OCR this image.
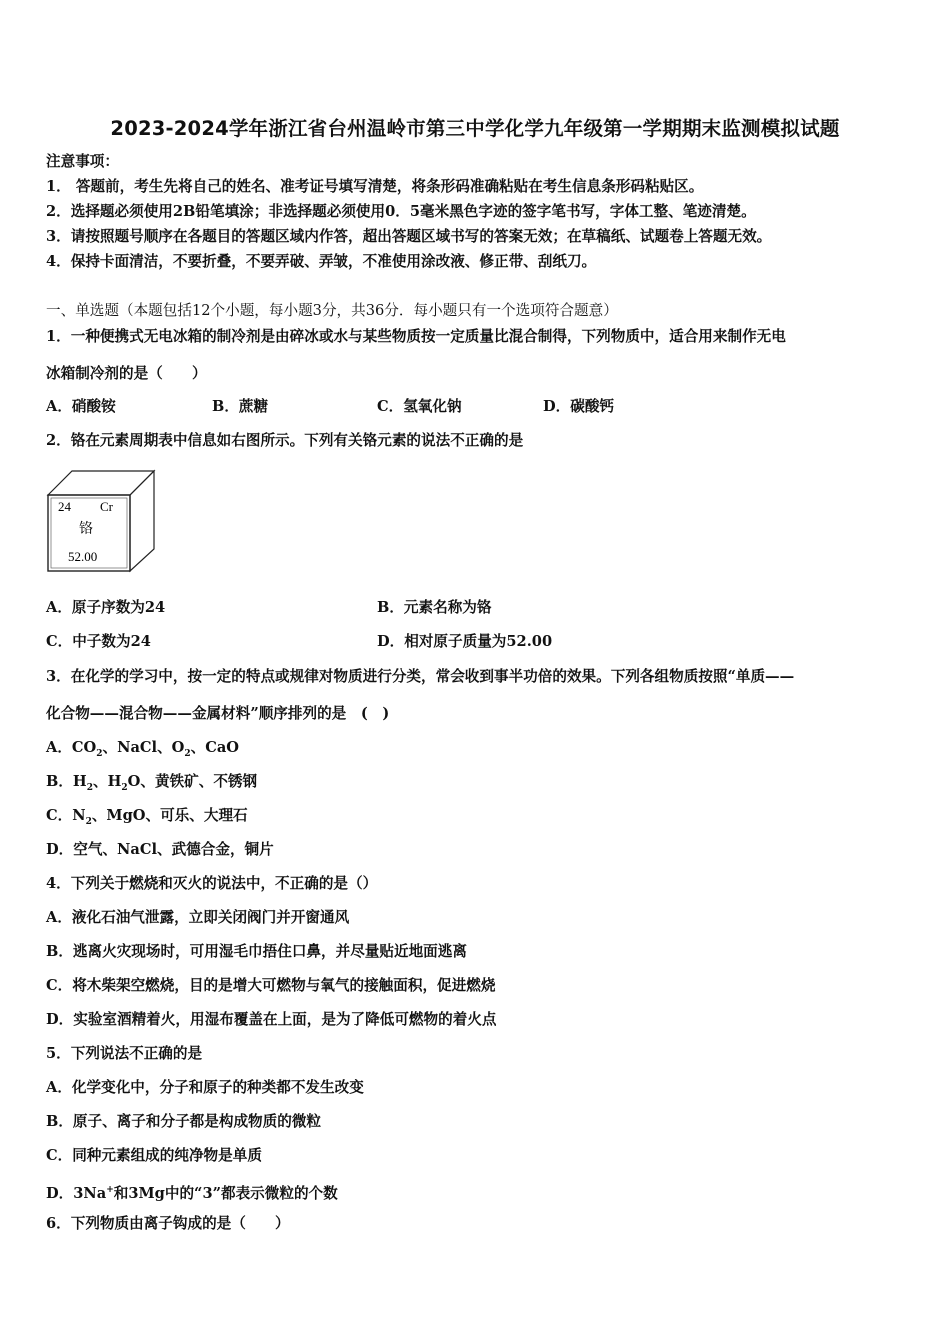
2023-2024学年浙江省台州温岭市第三中学化学九年级第一学期期末监测模拟试题
注意事项：
1． 答题前，考生先将自己的姓名、准考证号填写清楚，将条形码准确粘贴在考生信息条形码粘贴区。
2．选择题必须使用2B铅笔填涂；非选择题必须使用0．5毫米黑色字迹的签字笔书写，字体工整、笔迹清楚。
3．请按照题号顺序在各题目的答题区域内作答，超出答题区域书写的答案无效；在草稿纸、试题卷上答题无效。
4．保持卡面清洁，不要折叠，不要弄破、弄皱，不准使用涂改液、修正带、刮纸刀。
一、单选题（本题包括12个小题，每小题3分，共36分．每小题只有一个选项符合题意）
1．一种便携式无电冰箱的制冷剂是由碎冰或水与某些物质按一定质量比混合制得，下列物质中，适合用来制作无电
冰箱制冷剂的是（　　）
A．硝酸铵	B．蔗糖	C．氢氧化钠	D．碳酸钙
2．铬在元素周期表中信息如右图所示。下列有关铬元素的说法不正确的是
24 Cr
铬
52.00
A．原子序数为24	B．元素名称为铬
C．中子数为24	D．相对原子质量为52.00
3．在化学的学习中，按一定的特点或规律对物质进行分类，常会收到事半功倍的效果。下列各组物质按照“单质——
化合物——混合物——金属材料”顺序排列的是　(　)
A．$CO_2$、NaCl、$O_2$、CaO
B．$H_2$、$H_2O$、黄铁矿、不锈钢
C．$N_2$、MgO、可乐、大理石
D．空气、NaCl、武德合金，铜片
4．下列关于燃烧和灭火的说法中，不正确的是（）
A．液化石油气泄露，立即关闭阀门并开窗通风
B．逃离火灾现场时，可用湿毛巾捂住口鼻，并尽量贴近地面逃离
C．将木柴架空燃烧，目的是增大可燃物与氧气的接触面积，促进燃烧
D．实验室酒精着火，用湿布覆盖在上面，是为了降低可燃物的着火点
5．下列说法不正确的是
A．化学变化中，分子和原子的种类都不发生改变
B．原子、离子和分子都是构成物质的微粒
C．同种元素组成的纯净物是单质
D．3Na+和3Mg中的“3”都表示微粒的个数
6．下列物质由离子钩成的是（　　）
